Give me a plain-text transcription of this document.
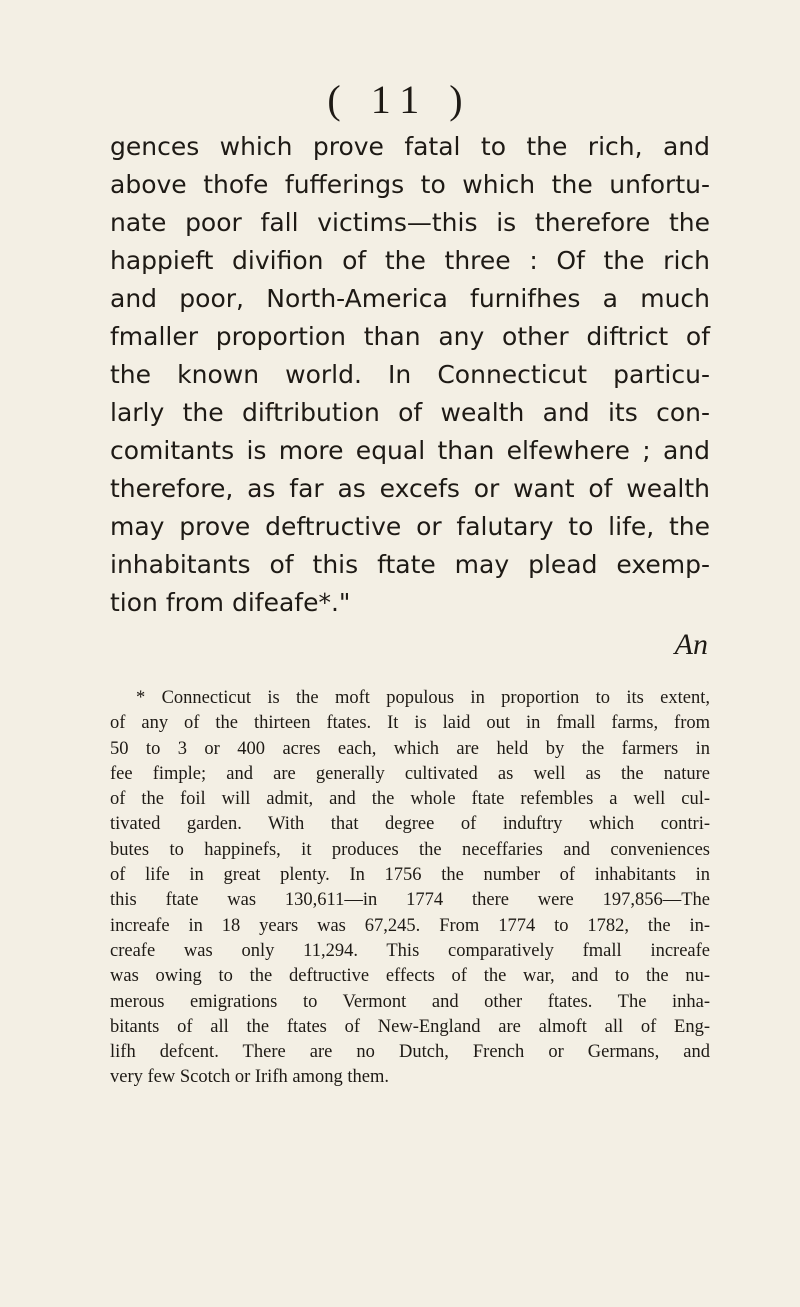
( 11 )
gences which prove fatal to the rich, and
above thofe fufferings to which the unfortu-
nate poor fall victims—this is therefore the
happieft divifion of the three : Of the rich
and poor, North-America furnifhes a much
fmaller proportion than any other diftrict of
the known world. In Connecticut particu-
larly the diftribution of wealth and its con-
comitants is more equal than elfewhere ; and
therefore, as far as excefs or want of wealth
may prove deftructive or falutary to life, the
inhabitants of this ftate may plead exemp-
tion from difeafe*."
An
* Connecticut is the moft populous in proportion to its extent,
of any of the thirteen ftates. It is laid out in fmall farms, from
50 to 3 or 400 acres each, which are held by the farmers in
fee fimple; and are generally cultivated as well as the nature
of the foil will admit, and the whole ftate refembles a well cul-
tivated garden. With that degree of induftry which contri-
butes to happinefs, it produces the neceffaries and conveniences
of life in great plenty. In 1756 the number of inhabitants in
this ftate was 130,611—in 1774 there were 197,856—The
increafe in 18 years was 67,245. From 1774 to 1782, the in-
creafe was only 11,294. This comparatively fmall increafe
was owing to the deftructive effects of the war, and to the nu-
merous emigrations to Vermont and other ftates. The inha-
bitants of all the ftates of New-England are almoft all of Eng-
lifh defcent. There are no Dutch, French or Germans, and
very few Scotch or Irifh among them.
